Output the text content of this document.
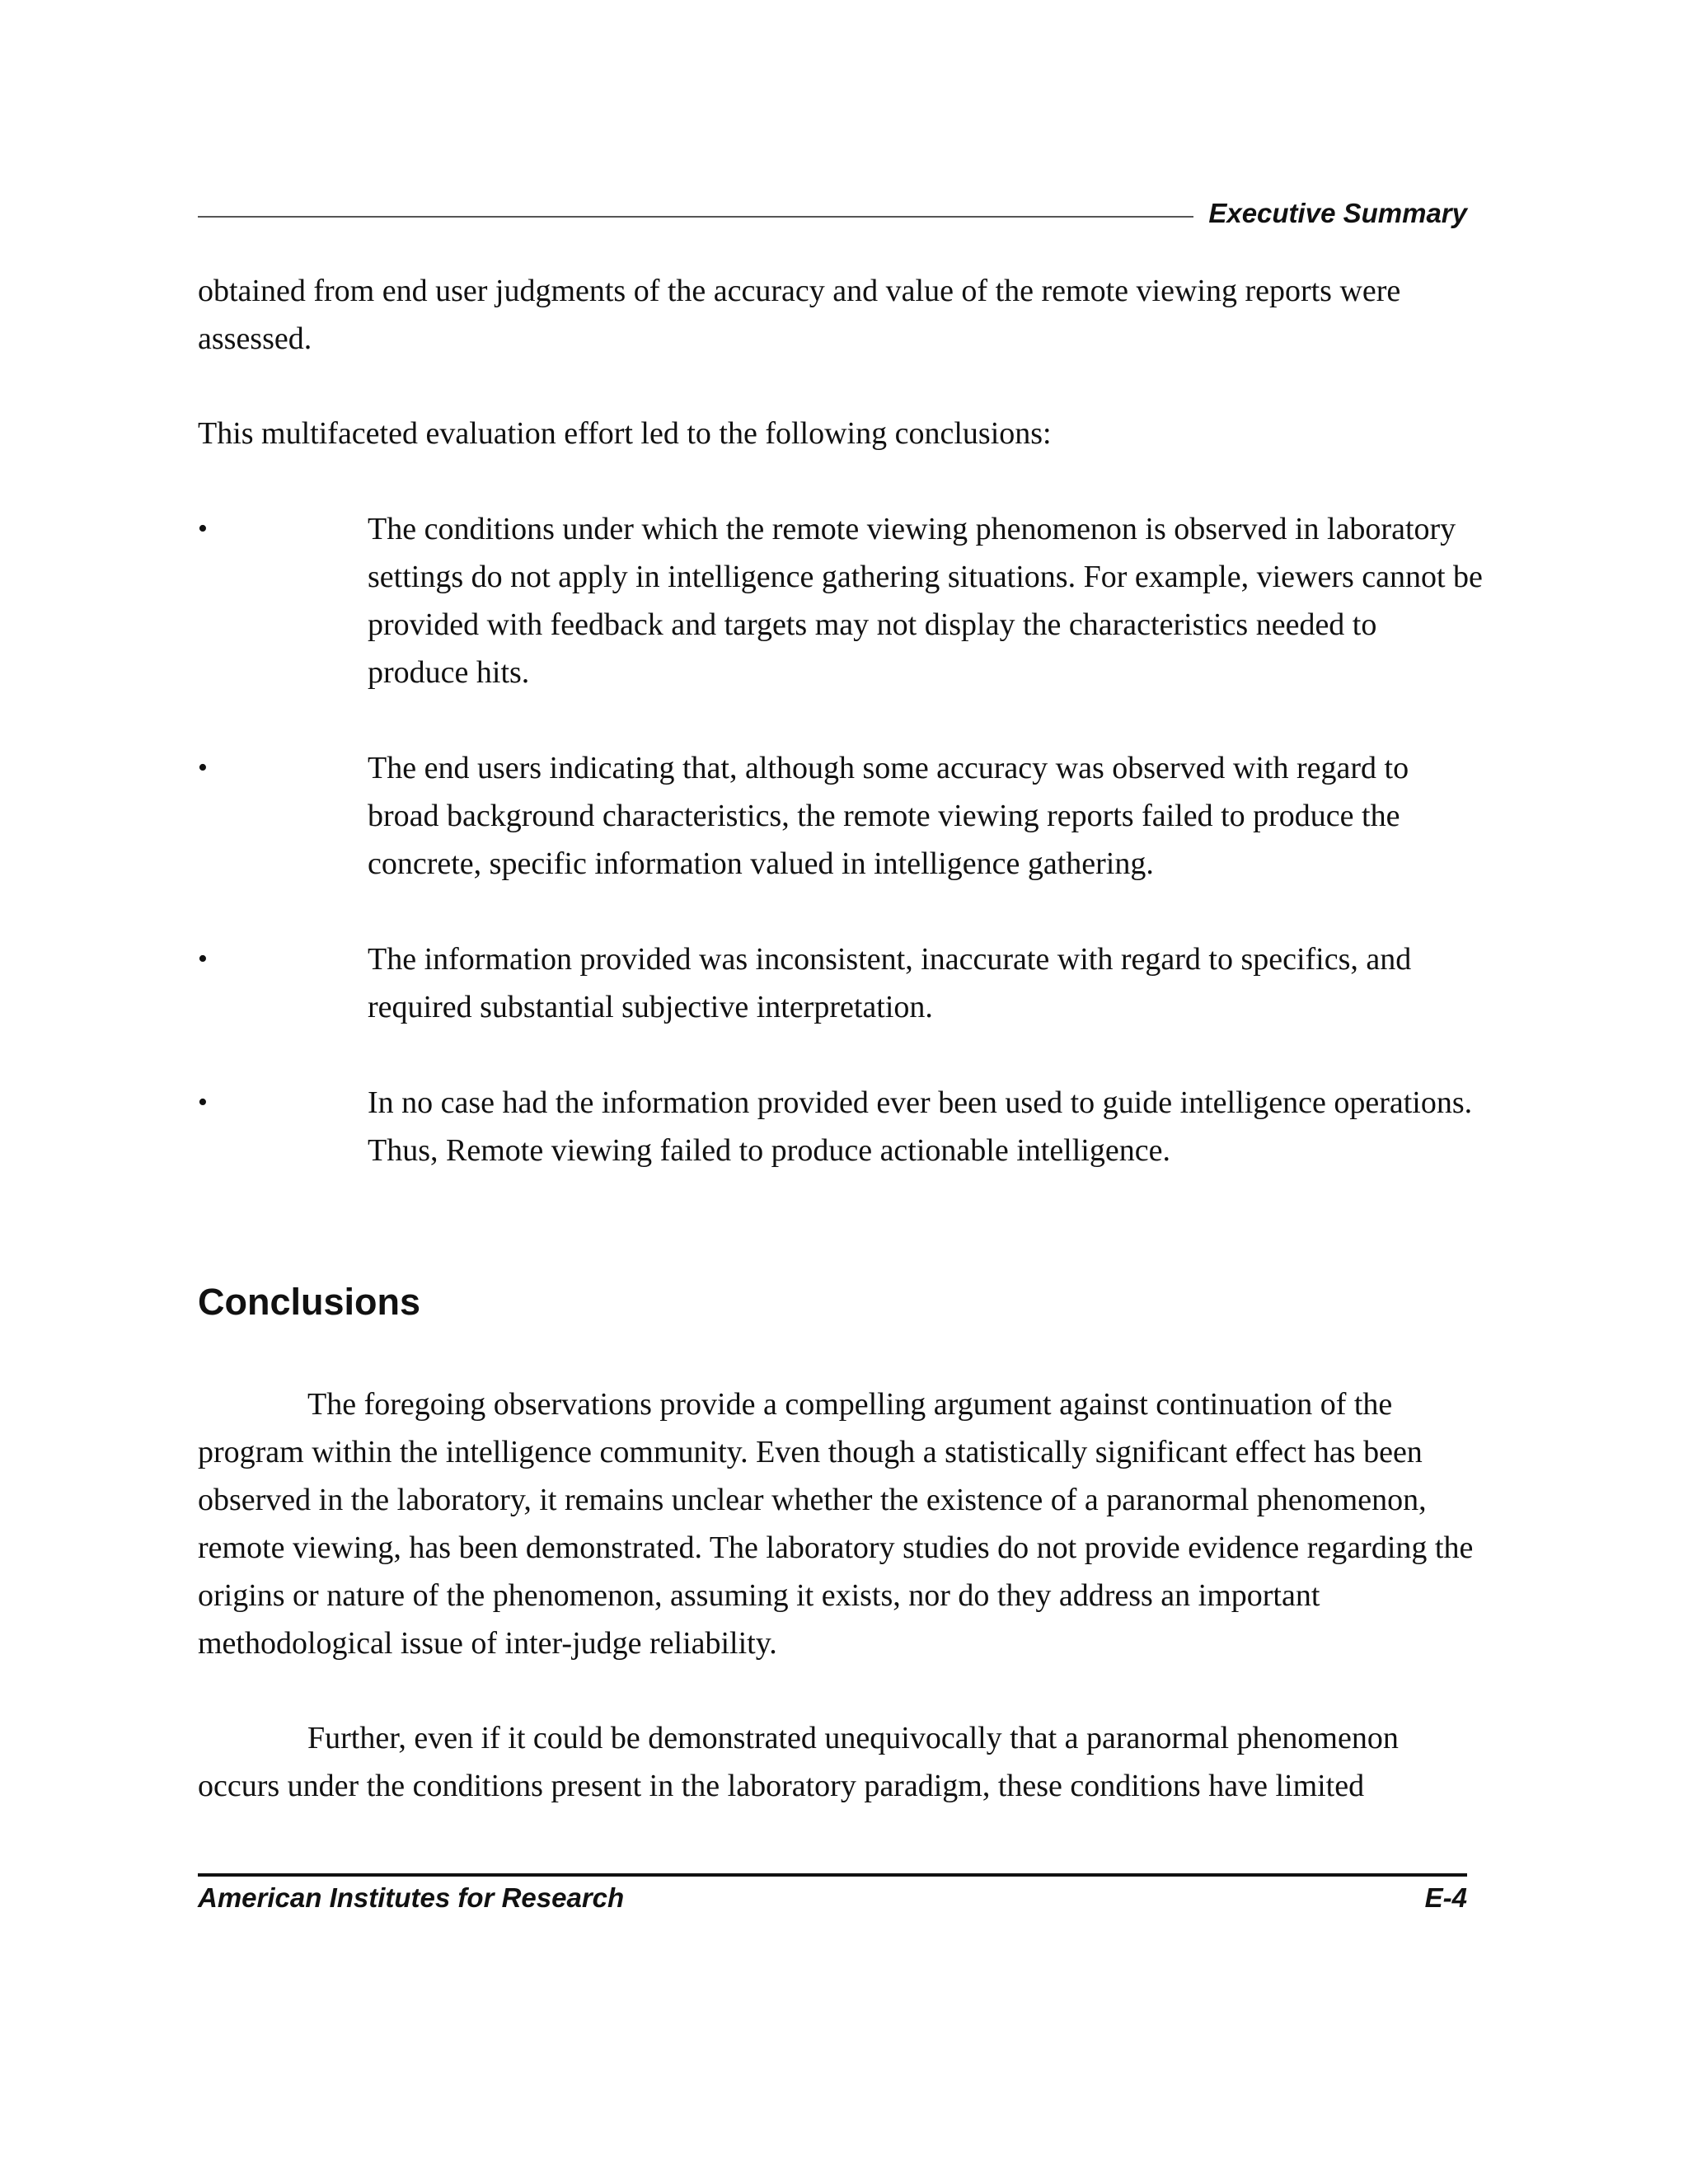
Executive Summary

obtained from end user judgments of the accuracy and value of the remote viewing reports were assessed.

This multifaceted evaluation effort led to the following conclusions:

•	The conditions under which the remote viewing phenomenon is observed in laboratory settings do not apply in intelligence gathering situations. For example, viewers cannot be provided with feedback and targets may not display the characteristics needed to produce hits.
•	The end users indicating that, although some accuracy was observed with regard to broad background characteristics, the remote viewing reports failed to produce the concrete, specific information valued in intelligence gathering.
•	The information provided was inconsistent, inaccurate with regard to specifics, and required substantial subjective interpretation.
•	In no case had the information provided ever been used to guide intelligence operations. Thus, Remote viewing failed to produce actionable intelligence.
Conclusions

The foregoing observations provide a compelling argument against continuation of the program within the intelligence community. Even though a statistically significant effect has been observed in the laboratory, it remains unclear whether the existence of a paranormal phenomenon, remote viewing, has been demonstrated. The laboratory studies do not provide evidence regarding the origins or nature of the phenomenon, assuming it exists, nor do they address an important methodological issue of inter-judge reliability.

Further, even if it could be demonstrated unequivocally that a paranormal phenomenon occurs under the conditions present in the laboratory paradigm, these conditions have limited

American Institutes for Research	E-4
